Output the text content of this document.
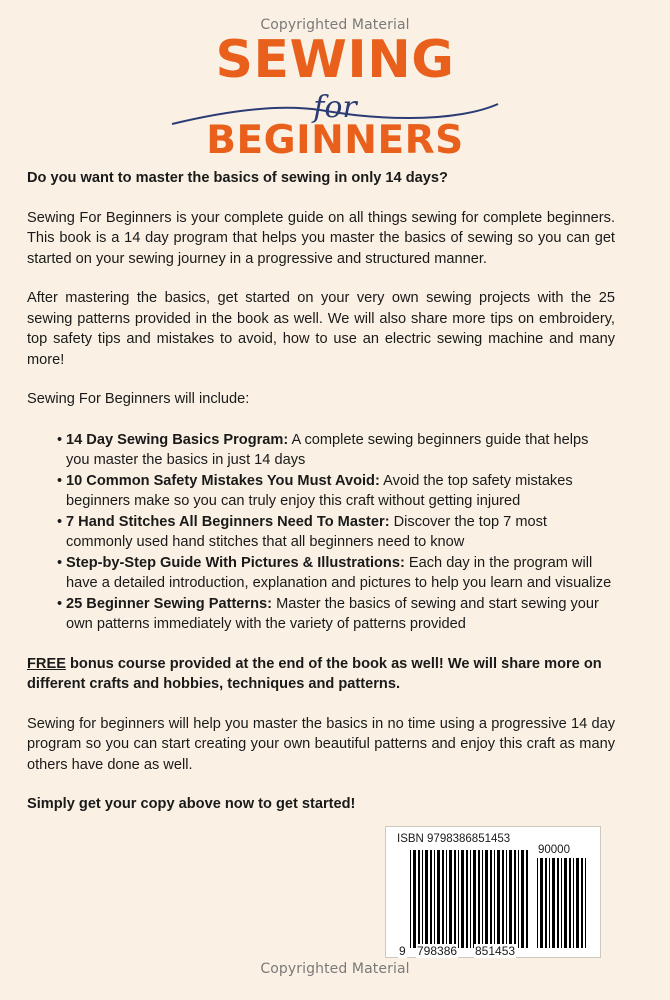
Copyrighted Material
SEWING
for
BEGINNERS

Do you want to master the basics of sewing in only 14 days?

Sewing For Beginners is your complete guide on all things sewing for complete beginners. This book is a 14 day program that helps you master the basics of sewing so you can get started on your sewing journey in a progressive and structured manner.

After mastering the basics, get started on your very own sewing projects with the 25 sewing patterns provided in the book as well. We will also share more tips on embroidery, top safety tips and mistakes to avoid, how to use an electric sewing machine and many more!

Sewing For Beginners will include:

• 14 Day Sewing Basics Program: A complete sewing beginners guide that helps you master the basics in just 14 days
• 10 Common Safety Mistakes You Must Avoid: Avoid the top safety mistakes beginners make so you can truly enjoy this craft without getting injured
• 7 Hand Stitches All Beginners Need To Master: Discover the top 7 most commonly used hand stitches that all beginners need to know
• Step-by-Step Guide With Pictures & Illustrations: Each day in the program will have a detailed introduction, explanation and pictures to help you learn and visualize
• 25 Beginner Sewing Patterns: Master the basics of sewing and start sewing your own patterns immediately with the variety of patterns provided

FREE bonus course provided at the end of the book as well! We will share more on different crafts and hobbies, techniques and patterns.

Sewing for beginners will help you master the basics in no time using a progressive 14 day program so you can start creating your own beautiful patterns and enjoy this craft as many others have done as well.

Simply get your copy above now to get started!

ISBN 9798386851453
90000
9 798386 851453
Copyrighted Material
